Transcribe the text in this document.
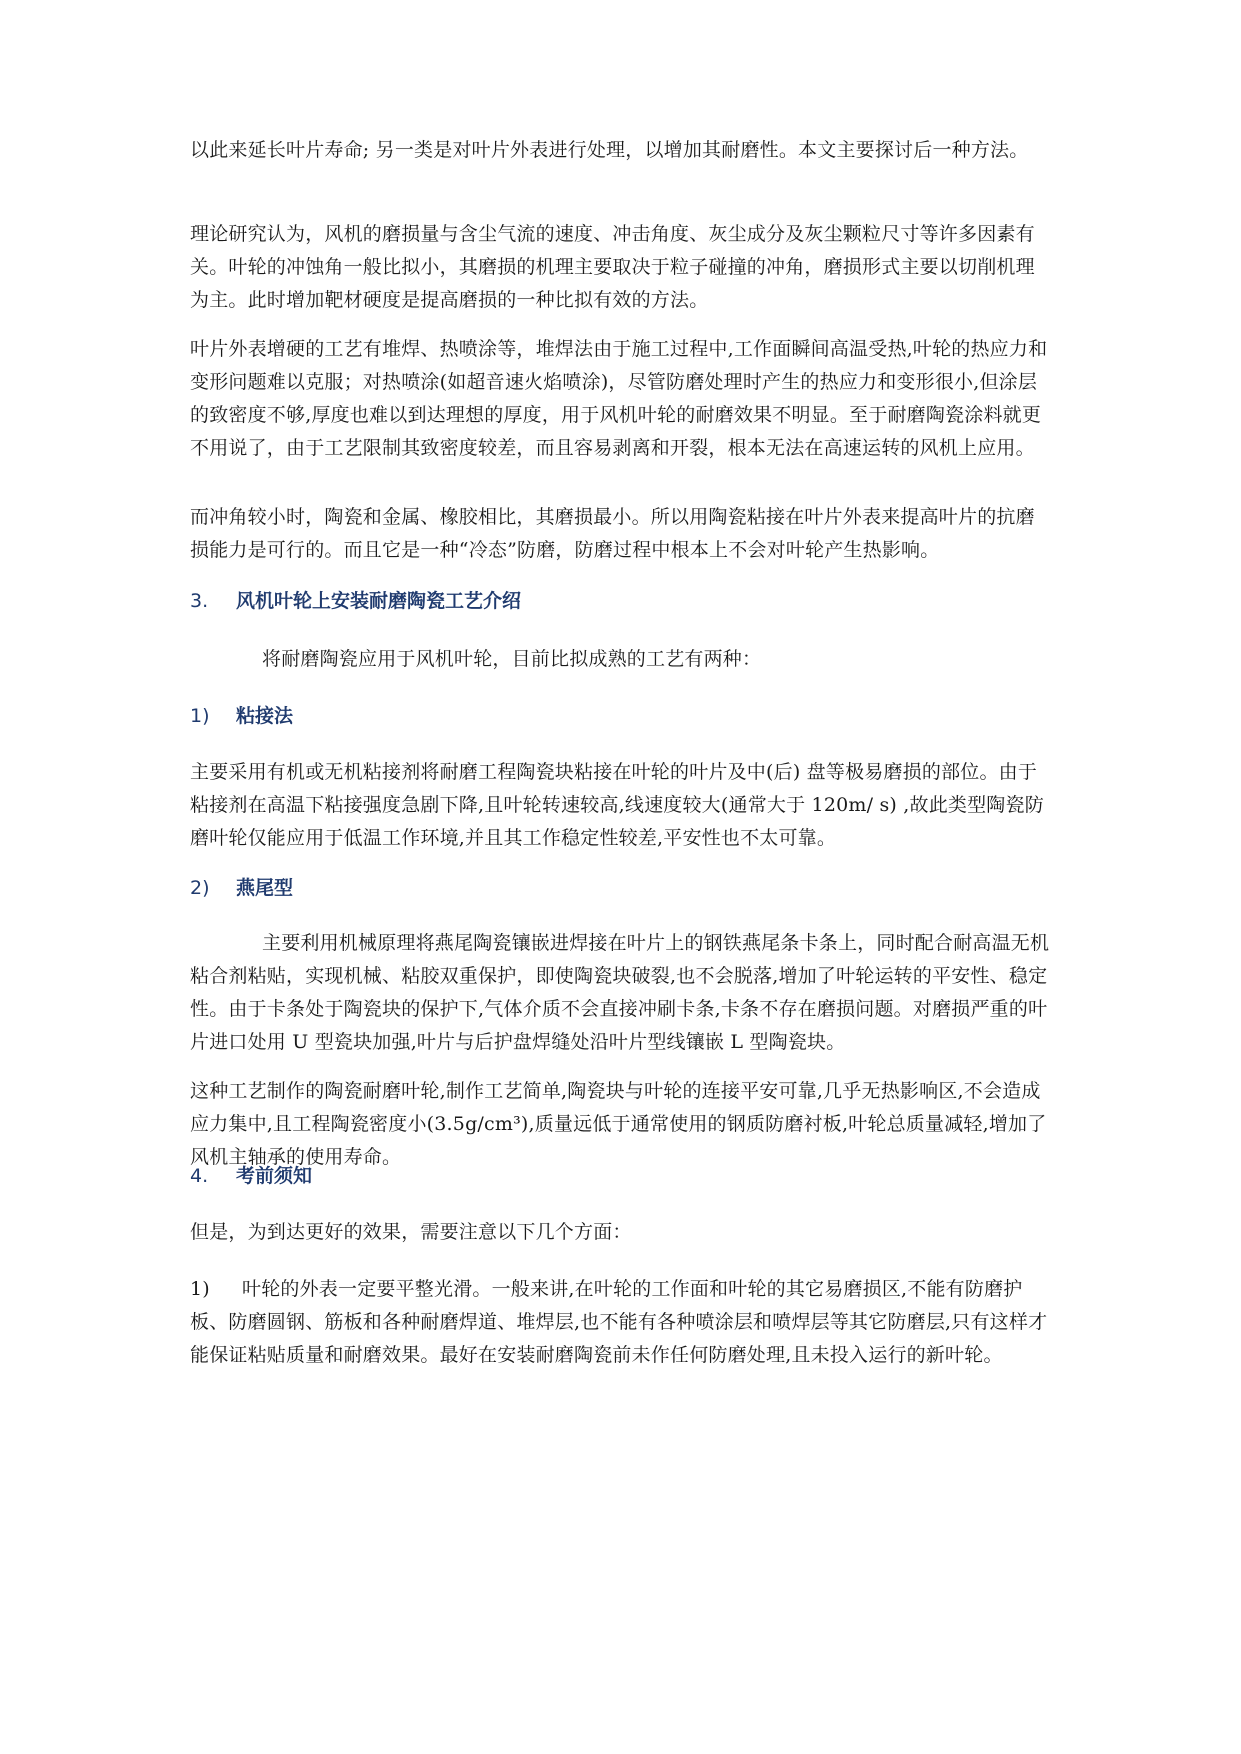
以此来延长叶片寿命; 另一类是对叶片外表进行处理，以增加其耐磨性。本文主要探讨后一种方法。

理论研究认为，风机的磨损量与含尘气流的速度、冲击角度、灰尘成分及灰尘颗粒尺寸等许多因素有关。叶轮的冲蚀角一般比拟小，其磨损的机理主要取决于粒子碰撞的冲角，磨损形式主要以切削机理为主。此时增加靶材硬度是提高磨损的一种比拟有效的方法。

叶片外表增硬的工艺有堆焊、热喷涂等，堆焊法由于施工过程中,工作面瞬间高温受热,叶轮的热应力和变形问题难以克服；对热喷涂(如超音速火焰喷涂)，尽管防磨处理时产生的热应力和变形很小,但涂层的致密度不够,厚度也难以到达理想的厚度，用于风机叶轮的耐磨效果不明显。至于耐磨陶瓷涂料就更不用说了，由于工艺限制其致密度较差，而且容易剥离和开裂，根本无法在高速运转的风机上应用。

而冲角较小时，陶瓷和金属、橡胶相比，其磨损最小。所以用陶瓷粘接在叶片外表来提高叶片的抗磨损能力是可行的。而且它是一种“冷态”防磨，防磨过程中根本上不会对叶轮产生热影响。

3. 风机叶轮上安装耐磨陶瓷工艺介绍

将耐磨陶瓷应用于风机叶轮，目前比拟成熟的工艺有两种：

1) 粘接法

主要采用有机或无机粘接剂将耐磨工程陶瓷块粘接在叶轮的叶片及中(后) 盘等极易磨损的部位。由于粘接剂在高温下粘接强度急剧下降,且叶轮转速较高,线速度较大(通常大于 120m/ s) ,故此类型陶瓷防磨叶轮仅能应用于低温工作环境,并且其工作稳定性较差,平安性也不太可靠。

2) 燕尾型

主要利用机械原理将燕尾陶瓷镶嵌进焊接在叶片上的钢铁燕尾条卡条上，同时配合耐高温无机粘合剂粘贴，实现机械、粘胶双重保护，即使陶瓷块破裂,也不会脱落,增加了叶轮运转的平安性、稳定性。由于卡条处于陶瓷块的保护下,气体介质不会直接冲刷卡条,卡条不存在磨损问题。对磨损严重的叶片进口处用 U 型瓷块加强,叶片与后护盘焊缝处沿叶片型线镶嵌 L 型陶瓷块。

这种工艺制作的陶瓷耐磨叶轮,制作工艺简单,陶瓷块与叶轮的连接平安可靠,几乎无热影响区,不会造成应力集中,且工程陶瓷密度小(3.5g/cm³),质量远低于通常使用的钢质防磨衬板,叶轮总质量减轻,增加了风机主轴承的使用寿命。

4. 考前须知

但是，为到达更好的效果，需要注意以下几个方面：

1) 叶轮的外表一定要平整光滑。一般来讲,在叶轮的工作面和叶轮的其它易磨损区,不能有防磨护板、防磨圆钢、筋板和各种耐磨焊道、堆焊层,也不能有各种喷涂层和喷焊层等其它防磨层,只有这样才能保证粘贴质量和耐磨效果。最好在安装耐磨陶瓷前未作任何防磨处理,且未投入运行的新叶轮。
